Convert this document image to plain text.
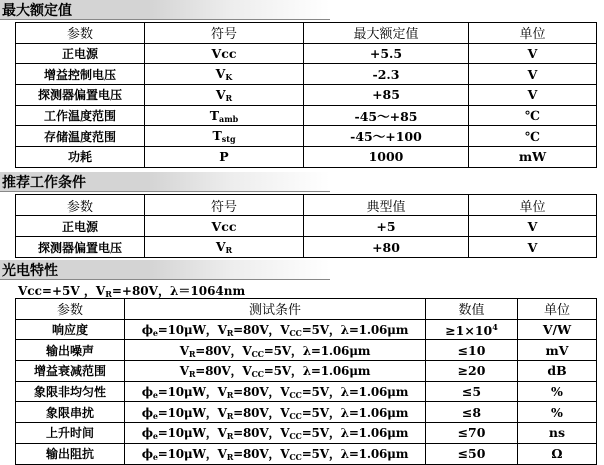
最大额定值
参数	符号	最大额定值	单位
正电源	Vcc	+5.5	V
增益控制电压	$V_K$	-2.3	V
探测器偏置电压	$V_R$	+85	V
工作温度范围	$T_{amb}$	-45～+85	℃
存储温度范围	$T_{stg}$	-45～+100	℃
功耗	P	1000	mW
推荐工作条件
参数	符号	典型值	单位
正电源	Vcc	+5	V
探测器偏置电压	$V_R$	+80	V
光电特性
Vcc=+5V ，$V_R=+80V$，λ＝1064nm
参数	测试条件	数值	单位
响应度	$\phi_e=10\mu W$，$V_R=80V$，$V_{CC}=5V$，λ=1.06μm	$\ge 1\times 10^4$	V/W
输出噪声	$V_R=80V$，$V_{CC}=5V$，λ=1.06μm	≤10	mV
增益衰减范围	$V_R=80V$，$V_{CC}=5V$，λ=1.06μm	≥20	dB
象限非均匀性	$\phi_e=10\mu W$，$V_R=80V$，$V_{CC}=5V$，λ=1.06μm	≤5	%
象限串扰	$\phi_e=10\mu W$，$V_R=80V$，$V_{CC}=5V$，λ=1.06μm	≤8	%
上升时间	$\phi_e=10\mu W$，$V_R=80V$，$V_{CC}=5V$，λ=1.06μm	≤70	ns
输出阻抗	$\phi_e=10\mu W$，$V_R=80V$，$V_{CC}=5V$，λ=1.06μm	≤50	Ω
